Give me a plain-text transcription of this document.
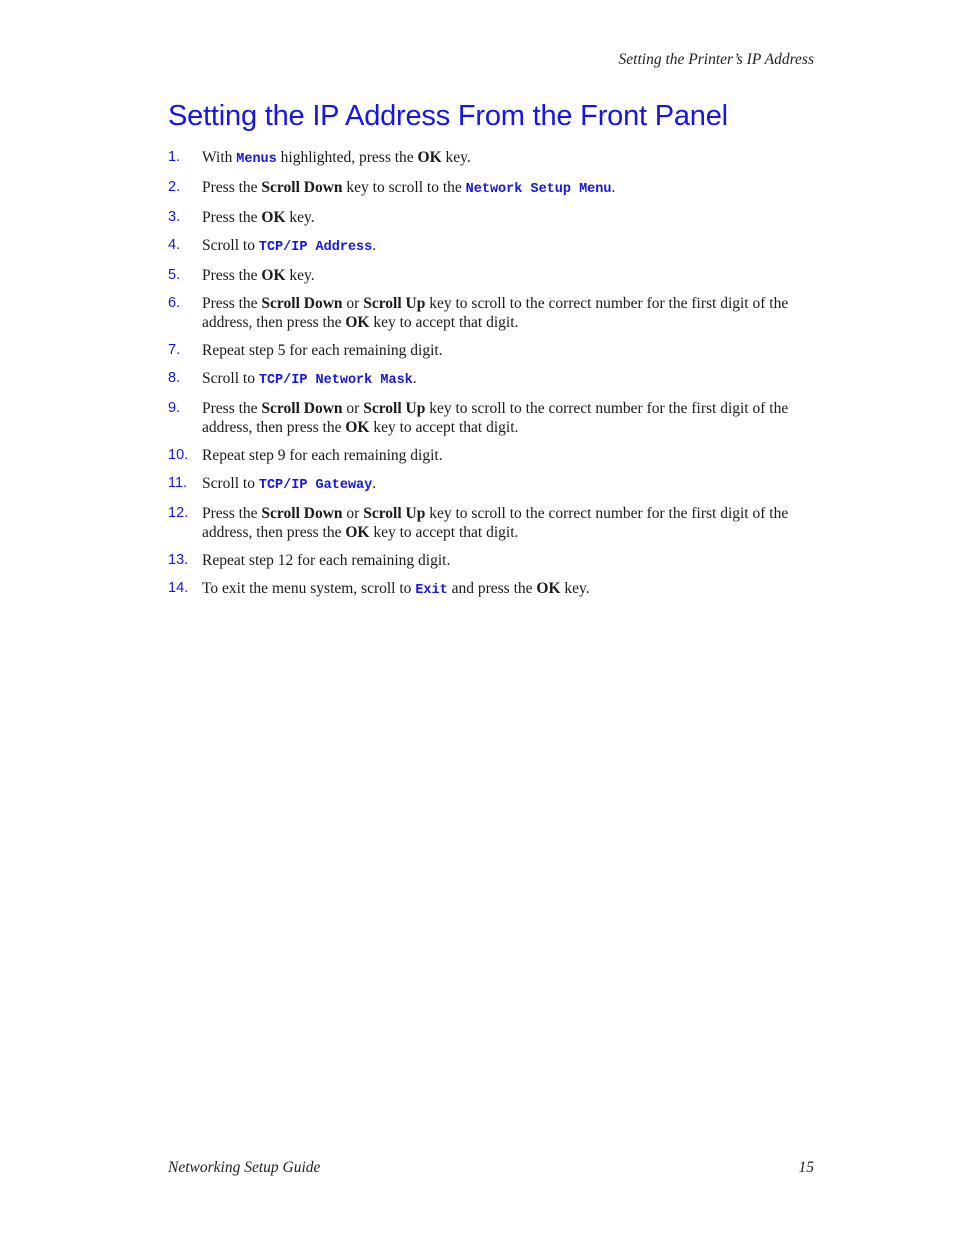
Setting the Printer’s IP Address
Setting the IP Address From the Front Panel
1. With Menus highlighted, press the OK key.
2. Press the Scroll Down key to scroll to the Network Setup Menu.
3. Press the OK key.
4. Scroll to TCP/IP Address.
5. Press the OK key.
6. Press the Scroll Down or Scroll Up key to scroll to the correct number for the first digit of the address, then press the OK key to accept that digit.
7. Repeat step 5 for each remaining digit.
8. Scroll to TCP/IP Network Mask.
9. Press the Scroll Down or Scroll Up key to scroll to the correct number for the first digit of the address, then press the OK key to accept that digit.
10. Repeat step 9 for each remaining digit.
11. Scroll to TCP/IP Gateway.
12. Press the Scroll Down or Scroll Up key to scroll to the correct number for the first digit of the address, then press the OK key to accept that digit.
13. Repeat step 12 for each remaining digit.
14. To exit the menu system, scroll to Exit and press the OK key.
Networking Setup Guide	15
